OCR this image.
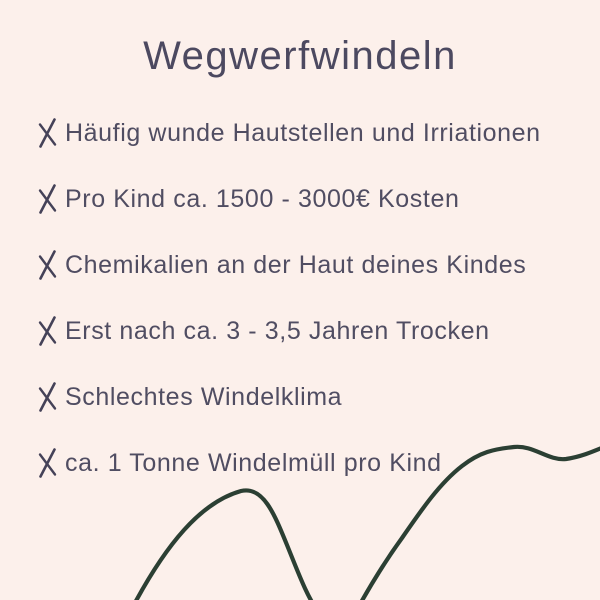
Wegwerfwindeln
Häufig wunde Hautstellen und Irriationen
Pro Kind ca. 1500 - 3000€ Kosten
Chemikalien an der Haut deines Kindes
Erst nach ca. 3 - 3,5 Jahren Trocken
Schlechtes Windelklima
ca. 1 Tonne Windelmüll pro Kind
